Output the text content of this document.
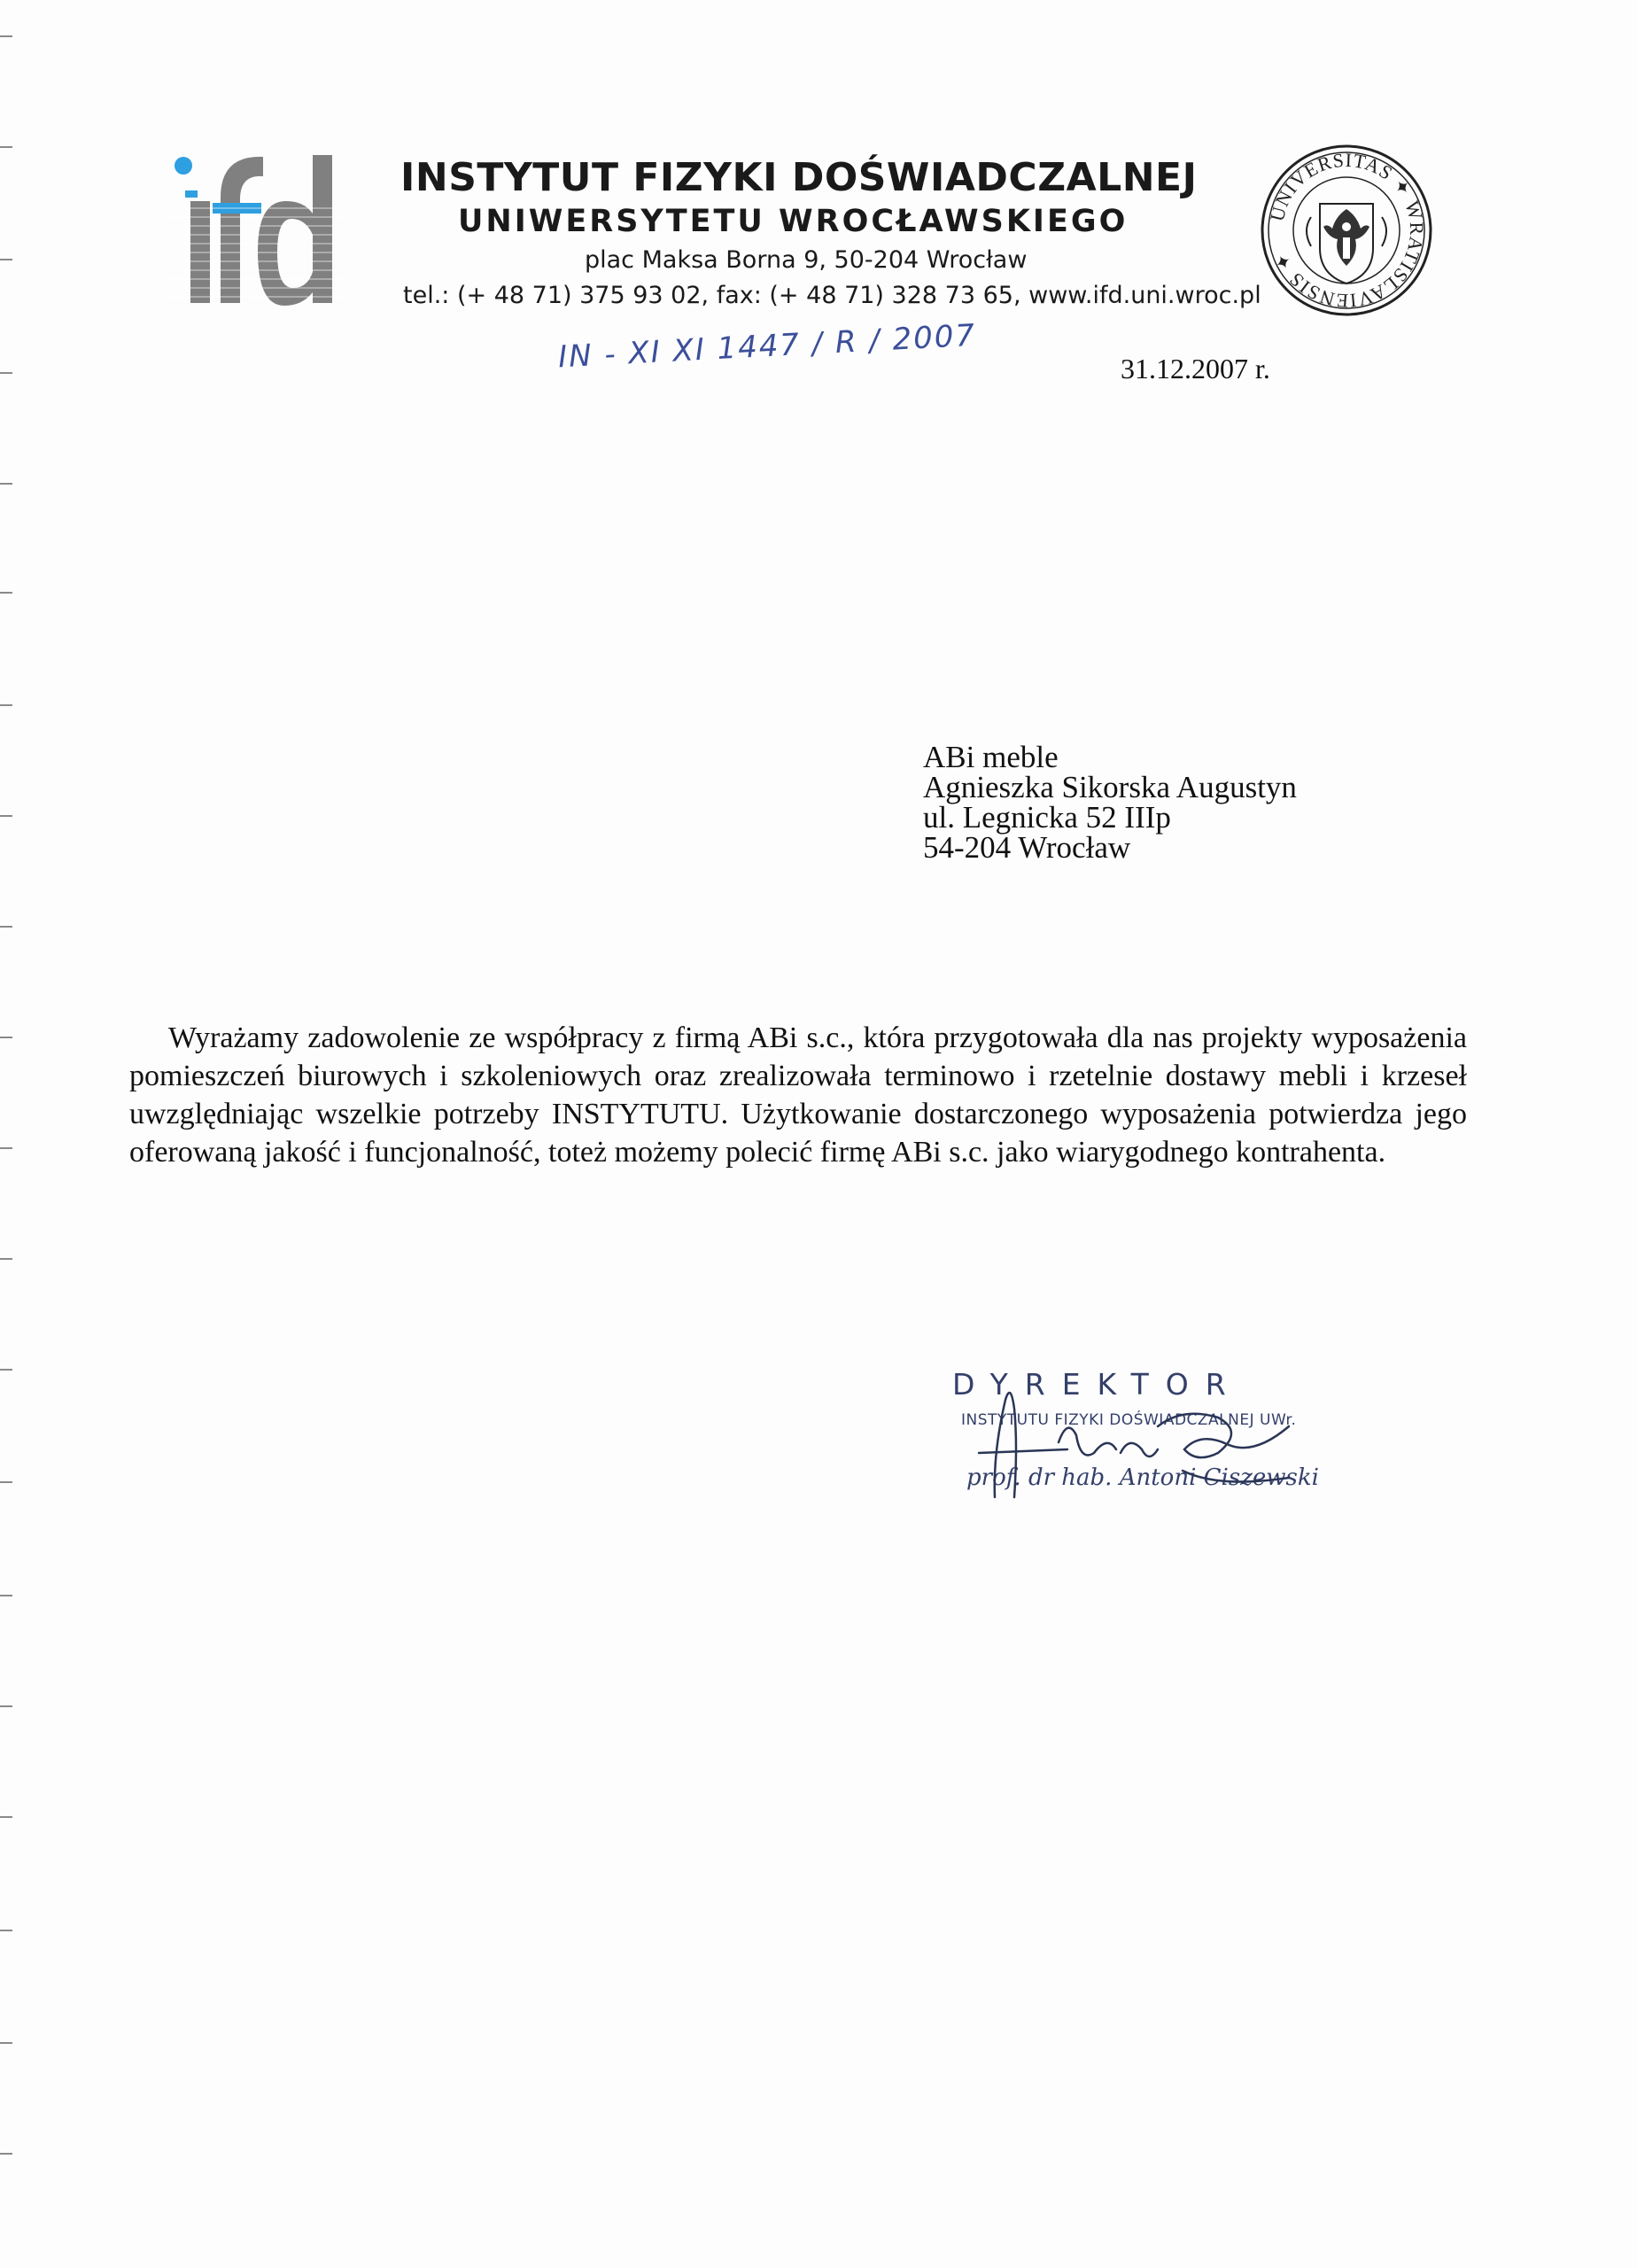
INSTYTUT FIZYKI DOŚWIADCZALNEJ
UNIWERSYTETU WROCŁAWSKIEGO
plac Maksa Borna 9, 50-204 Wrocław
tel.: (+ 48 71) 375 93 02, fax: (+ 48 71) 328 73 65, www.ifd.uni.wroc.pl
UNIVERSITAS ✦ WRATISLAVIENSIS ✦
IN - XI XI 1447 / R / 2007	31.12.2007 r.
ABi meble
Agnieszka Sikorska Augustyn
ul. Legnicka 52 IIIp
54-204 Wrocław

Wyrażamy zadowolenie ze współpracy z firmą ABi s.c., która przygotowała dla nas projekty wyposażenia pomieszczeń biurowych i szkoleniowych oraz zrealizowała terminowo i rzetelnie dostawy mebli i krzeseł uwzględniając wszelkie potrzeby INSTYTUTU. Użytkowanie dostarczonego wyposażenia potwierdza jego oferowaną jakość i funcjonalność, toteż możemy polecić firmę ABi s.c. jako wiarygodnego kontrahenta.

DYREKTOR
INSTYTUTU FIZYKI DOŚWIADCZALNEJ UWr.
prof. dr hab. Antoni Ciszewski
